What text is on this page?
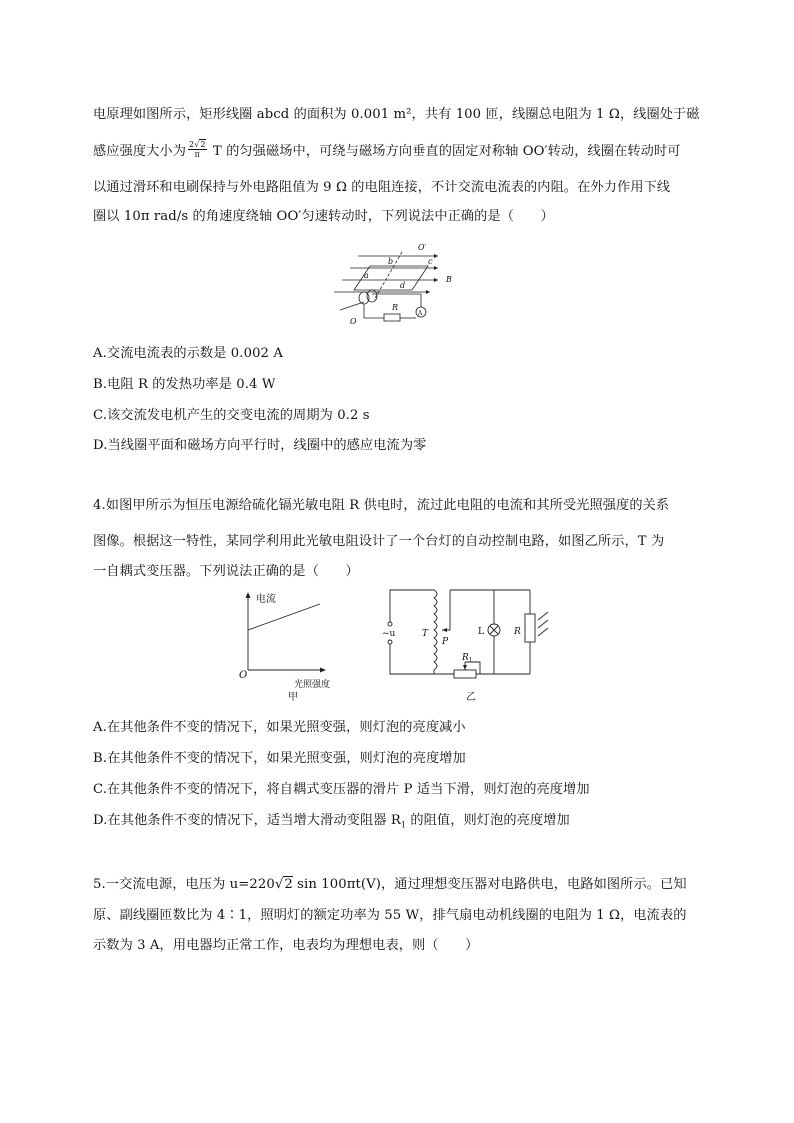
电原理如图所示，矩形线圈 abcd 的面积为 0.001 m²，共有 100 匝，线圈总电阻为 1 Ω，线圈处于磁
感应强度大小为 $\frac{2√2}{\pi}$ T 的匀强磁场中，可绕与磁场方向垂直的固定对称轴 OO′转动，线圈在转动时可
以通过滑环和电刷保持与外电路阻值为 9 Ω 的电阻连接，不计交流电流表的内阻。在外力作用下线
圈以 10π rad/s 的角速度绕轴 OO′匀速转动时，下列说法中正确的是（　　）
O′
a
b	c
d
B
O
R
A
A.交流电流表的示数是 0.002 A
B.电阻 R 的发热功率是 0.4 W
C.该交流发电机产生的交变电流的周期为 0.2 s
D.当线圈平面和磁场方向平行时，线圈中的感应电流为零
4.如图甲所示为恒压电源给硫化镉光敏电阻 R 供电时，流过此电阻的电流和其所受光照强度的关系
图像。根据这一特性，某同学利用此光敏电阻设计了一个台灯的自动控制电路，如图乙所示，T 为
一自耦式变压器。下列说法正确的是（　　）
电流
光照强度
O
甲
~u	T
P
$R_1$
L	R
乙
A.在其他条件不变的情况下，如果光照变强，则灯泡的亮度减小
B.在其他条件不变的情况下，如果光照变强，则灯泡的亮度增加
C.在其他条件不变的情况下，将自耦式变压器的滑片 P 适当下滑，则灯泡的亮度增加
D.在其他条件不变的情况下，适当增大滑动变阻器 $R_1$ 的阻值，则灯泡的亮度增加
5.一交流电源，电压为 u=220√2 sin 100πt(V)，通过理想变压器对电路供电，电路如图所示。已知
原、副线圈匝数比为 4∶1，照明灯的额定功率为 55 W，排气扇电动机线圈的电阻为 1 Ω，电流表的
示数为 3 A，用电器均正常工作，电表均为理想电表，则（　　）
